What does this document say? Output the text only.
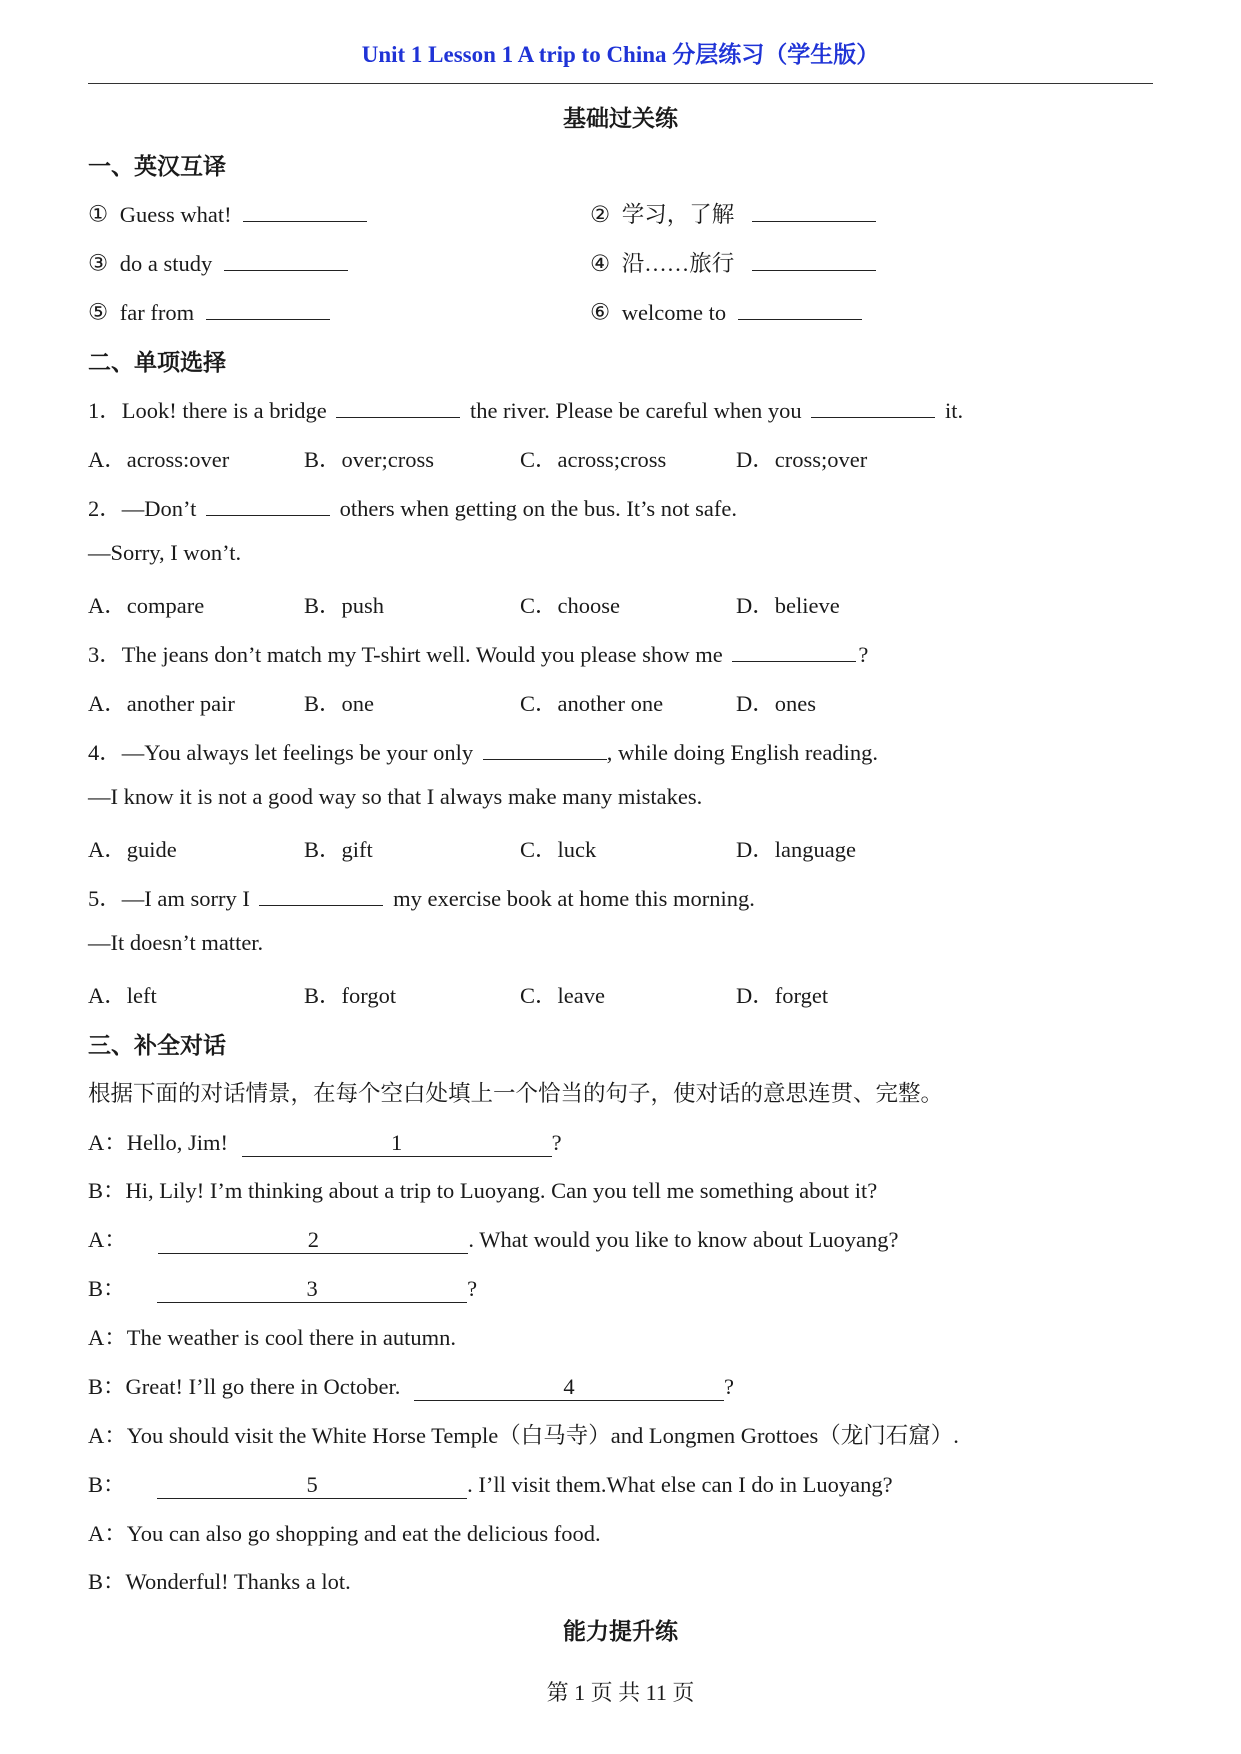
Unit 1 Lesson 1 A trip to China 分层练习（学生版）
基础过关练
一、英汉互译
① Guess what!	② 学习，了解
③ do a study	④ 沿……旅行
⑤ far from	⑥ welcome to
二、单项选择
1．Look! there is a bridge	the river. Please be careful when you	it.
A．across:over	B．over;cross	C．across;cross	D．cross;over
2．—Don’t	others when getting on the bus. It’s not safe.
—Sorry, I won’t.
A．compare	B．push	C．choose	D．believe
3．The jeans don’t match my T-shirt well. Would you please show me	?
A．another pair	B．one	C．another one	D．ones
4．—You always let feelings be your only	, while doing English reading.
—I know it is not a good way so that I always make many mistakes.
A．guide	B．gift	C．luck	D．language
5．—I am sorry I	my exercise book at home this morning.
—It doesn’t matter.
A．left	B．forgot	C．leave	D．forget
三、补全对话
根据下面的对话情景，在每个空白处填上一个恰当的句子，使对话的意思连贯、完整。
A：Hello, Jim!	1	?
B：Hi, Lily! I’m thinking about a trip to Luoyang. Can you tell me something about it?
A：	2	. What would you like to know about Luoyang?
B：	3	?
A：The weather is cool there in autumn.
B：Great! I’ll go there in October.	4	?
A：You should visit the White Horse Temple（白马寺）and Longmen Grottoes（龙门石窟）.
B：	5	. I’ll visit them.What else can I do in Luoyang?
A：You can also go shopping and eat the delicious food.
B：Wonderful! Thanks a lot.
能力提升练
第 1 页 共 11 页
